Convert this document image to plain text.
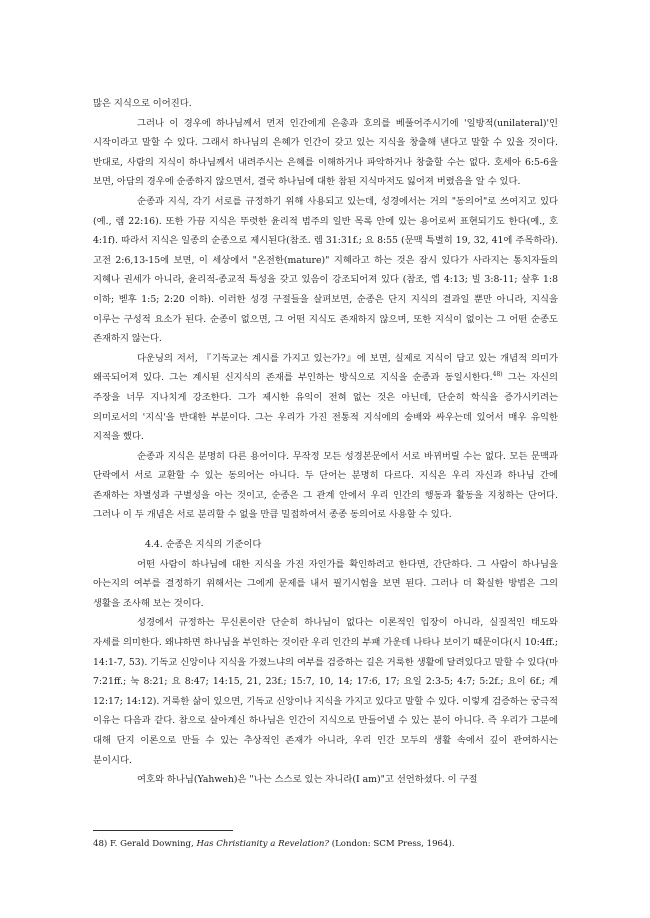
많은 지식으로 이어진다.

그러나 이 경우에 하나님께서 먼저 인간에게 은총과 호의를 베풀어주시기에 '일방적(unilateral)'인 시작이라고 말할 수 있다. 그래서 하나님의 은혜가 인간이 갖고 있는 지식을 창출해 낸다고 말할 수 있을 것이다. 반대로, 사람의 지식이 하나님께서 내려주시는 은혜를 이해하거나 파악하거나 창출할 수는 없다. 호세아 6:5-6을 보면, 아담의 경우에 순종하지 않으면서, 결국 하나님에 대한 참된 지식마저도 잃어져 버렸음을 알 수 있다.

순종과 지식, 각기 서로를 규정하기 위해 사용되고 있는데, 성경에서는 거의 "동의어"로 쓰여지고 있다 (예., 렘 22:16). 또한 가끔 지식은 뚜렷한 윤리적 범주의 일반 목록 안에 있는 용어로써 표현되기도 한다(예., 호 4:1f). 따라서 지식은 일종의 순종으로 제시된다(참조. 렘 31:31f.; 요 8:55 (문맥 특별히 19, 32, 41에 주목하라). 고전 2:6,13-15에 보면, 이 세상에서 "온전한(mature)" 지혜라고 하는 것은 잠시 있다가 사라지는 통치자들의 지혜나 권세가 아니라, 윤리적-종교적 특성을 갖고 있음이 강조되어져 있다 (참조, 엡 4:13; 빌 3:8-11; 살후 1:8 이하; 벧후 1:5; 2:20 이하). 이러한 성경 구절들을 살펴보면, 순종은 단지 지식의 결과일 뿐만 아니라, 지식을 이루는 구성적 요소가 된다. 순종이 없으면, 그 어떤 지식도 존재하지 않으며, 또한 지식이 없이는 그 어떤 순종도 존재하지 않는다.

다운닝의 저서, 『기독교는 계시를 가지고 있는가?』에 보면, 실제로 지식이 담고 있는 개념적 의미가 왜곡되어져 있다. 그는 계시된 신지식의 존재를 부인하는 방식으로 지식을 순종과 동일시한다.$^{48)}$ 그는 자신의 주장을 너무 지나치게 강조한다. 그가 제시한 유익이 전혀 없는 것은 아닌데, 단순히 학식을 증가시키려는 의미로서의 '지식'을 반대한 부분이다. 그는 우리가 가진 전통적 지식에의 숭배와 싸우는데 있어서 매우 유익한 지적을 했다.

순종과 지식은 분명히 다른 용어이다. 무작정 모든 성경본문에서 서로 바뀌버릴 수는 없다. 모든 문맥과 단락에서 서로 교환할 수 있는 동의어는 아니다. 두 단어는 분명히 다르다. 지식은 우리 자신과 하나님 간에 존재하는 차별성과 구별성을 아는 것이고, 순종은 그 관계 안에서 우리 인간의 행동과 활동을 지칭하는 단어다. 그러나 이 두 개념은 서로 분리할 수 없을 만큼 밀접하여서 종종 동의어로 사용할 수 있다.

4.4. 순종은 지식의 기준이다

어떤 사람이 하나님에 대한 지식을 가진 자인가를 확인하려고 한다면, 간단하다. 그 사람이 하나님을 아는지의 여부를 결정하기 위해서는 그에게 문제를 내서 필기시험을 보면 된다. 그러나 더 확실한 방법은 그의 생활을 조사해 보는 것이다.

성경에서 규정하는 무신론이란 단순히 하나님이 없다는 이론적인 입장이 아니라, 실질적인 태도와 자세를 의미한다. 왜냐하면 하나님을 부인하는 것이란 우리 인간의 부패 가운데 나타나 보이기 때문이다(시 10:4ff.; 14:1-7, 53). 기독교 신앙이나 지식을 가졌느냐의 여부를 검증하는 길은 거룩한 생활에 달려있다고 말할 수 있다(마 7:21ff.; 눅 8:21; 요 8:47; 14:15, 21, 23f.; 15:7, 10, 14; 17:6, 17; 요일 2:3-5; 4:7; 5:2f.; 요이 6f.; 계 12:17; 14:12). 거룩한 삶이 있으면, 기독교 신앙이나 지식을 가지고 있다고 말할 수 있다. 이렇게 검증하는 궁극적 이유는 다음과 같다. 참으로 살아계신 하나님은 인간이 지식으로 만들어낼 수 있는 분이 아니다. 즉 우리가 그분에 대해 단지 이론으로 만들 수 있는 추상적인 존재가 아니라, 우리 인간 모두의 생활 속에서 깊이 관여하시는 분이시다.

여호와 하나님(Yahweh)은 "나는 스스로 있는 자니라(I am)"고 선언하셨다. 이 구절

48) F. Gerald Downing, Has Christianity a Revelation? (London: SCM Press, 1964).
